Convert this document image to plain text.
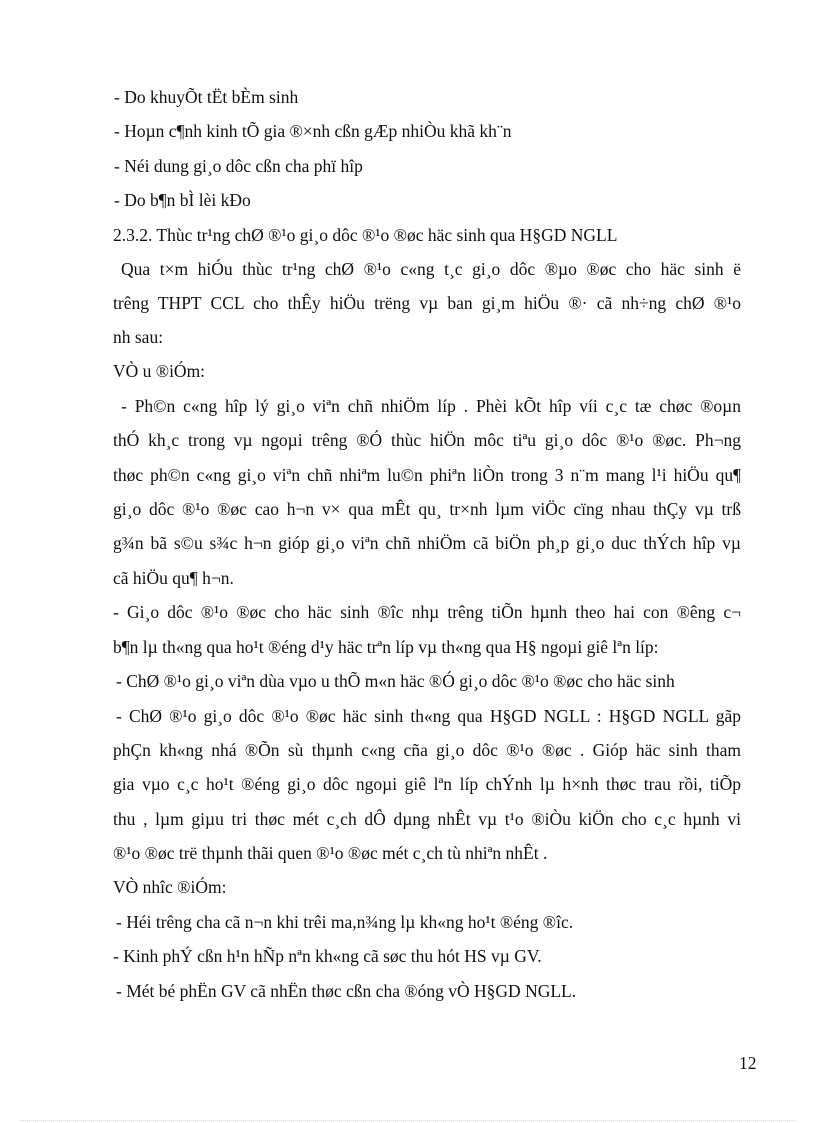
- Do khuyÕt tËt bÈm sinh
- Hoµn c¶nh kinh tÕ gia ®×nh cßn gÆp nhiÒu khã kh¨n
- Néi dung gi¸o dôc cßn cha phï hîp
- Do b¶n bÌ lèi kÐo
2.3.2. Thùc tr¹ng chØ ®¹o gi¸o dôc ®¹o ®øc häc sinh qua H§GD NGLL
Qua t×m hiÓu thùc tr¹ng chØ ®¹o c«ng t¸c gi¸o dôc ®µo ®øc cho häc sinh ë
trêng THPT CCL cho thÊy hiÖu trëng vµ ban gi¸m hiÖu ®· cã nh÷ng chØ ®¹o
nh sau:
VÒ u ®iÓm:
- Ph©n c«ng hîp lý gi¸o viªn chñ nhiÖm líp . Phèi kÕt hîp víi c¸c tæ chøc ®oµn
thÓ kh¸c trong vµ ngoµi trêng ®Ó thùc hiÖn môc tiªu gi¸o dôc ®¹o ®øc. Ph¬ng
thøc ph©n c«ng gi¸o viªn chñ nhiªm lu©n phiªn liÒn trong 3 n¨m mang l¹i hiÖu qu¶
gi¸o dôc ®¹o ®øc cao h¬n v× qua mÊt qu¸ tr×nh lµm viÖc cïng nhau thÇy vµ trß
g¾n bã s©u s¾c h¬n gióp gi¸o viªn chñ nhiÖm cã biÖn ph¸p gi¸o duc thÝch hîp vµ
cã hiÖu qu¶ h¬n.
- Gi¸o dôc ®¹o ®øc cho häc sinh ®îc nhµ trêng tiÕn hµnh theo hai con ®êng c¬
b¶n lµ th«ng qua ho¹t ®éng d¹y häc trªn líp vµ th«ng qua H§ ngoµi giê lªn líp:
- ChØ ®¹o gi¸o viªn dùa vµo u thÕ m«n häc ®Ó gi¸o dôc ®¹o ®øc cho häc sinh
- ChØ ®¹o gi¸o dôc ®¹o ®øc häc sinh th«ng qua H§GD NGLL : H§GD NGLL gãp
phÇn kh«ng nhá ®Õn sù thµnh c«ng cña gi¸o dôc ®¹o ®øc . Gióp häc sinh tham
gia vµo c¸c ho¹t ®éng gi¸o dôc ngoµi giê lªn líp chÝnh lµ h×nh thøc trau rồi, tiÕp
thu , lµm giµu tri thøc mét c¸ch dÔ dµng nhÊt vµ t¹o ®iÒu kiÖn cho c¸c hµnh vi
®¹o ®øc trë thµnh thãi quen ®¹o ®øc mét c¸ch tù nhiªn nhÊt .
VÒ nhîc ®iÓm:
- Héi trêng cha cã n¬n khi trêi ma,n¾ng lµ kh«ng ho¹t ®éng ®îc.
- Kinh phÝ cßn h¹n hÑp nªn kh«ng cã søc thu hót HS vµ GV.
- Mét bé phËn GV cã nhËn thøc cßn cha ®óng vÒ H§GD NGLL.
12
